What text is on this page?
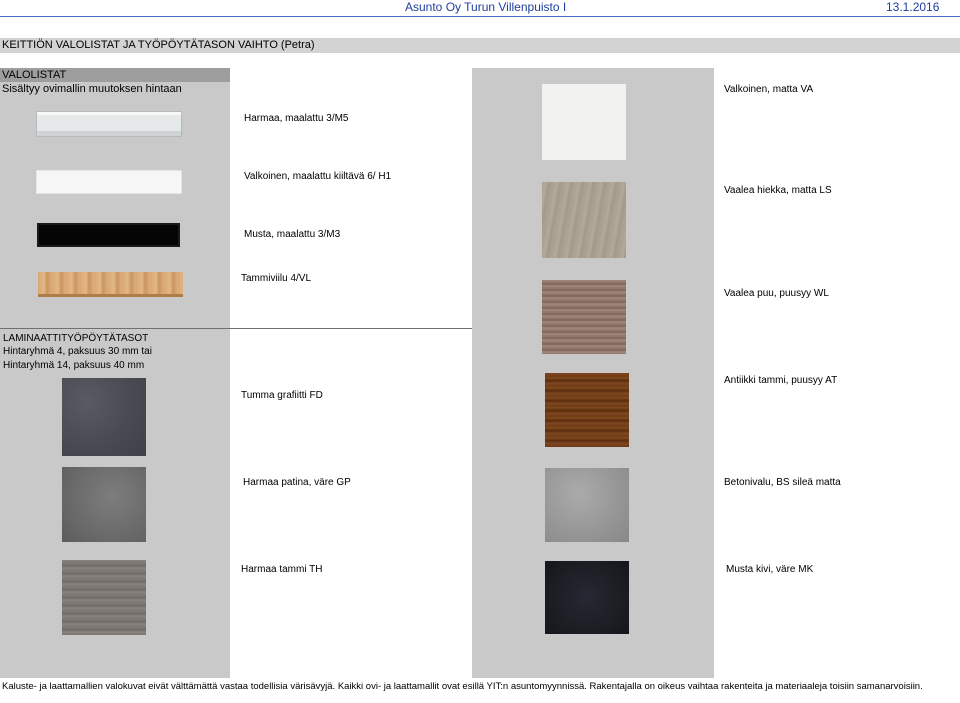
Asunto Oy Turun Villenpuisto I	13.1.2016
KEITTIÖN VALOLISTAT JA TYÖPÖYTÄTASON VAIHTO (Petra)
VALOLISTAT
Sisältyy ovimallin muutoksen hintaan
Harmaa, maalattu 3/M5
Valkoinen, maalattu kiiltävä 6/ H1
Musta, maalattu 3/M3
Tammiviilu 4/VL
LAMINAATTITYÖPÖYTÄTASOT
Hintaryhmä 4, paksuus 30 mm tai
Hintaryhmä 14, paksuus 40 mm
Tumma grafiitti FD
Harmaa patina, väre GP
Harmaa tammi TH
Valkoinen, matta VA
Vaalea hiekka, matta LS
Vaalea puu, puusyy WL
Antiikki tammi, puusyy AT
Betonivalu, BS sileä matta
Musta kivi, väre MK
Kaluste- ja laattamallien valokuvat eivät välttämättä vastaa todellisia värisävyjä. Kaikki ovi- ja laattamallit ovat esillä YIT:n asuntomyynnissä. Rakentajalla on oikeus vaihtaa rakenteita ja materiaaleja toisiin samanarvoisiin.
